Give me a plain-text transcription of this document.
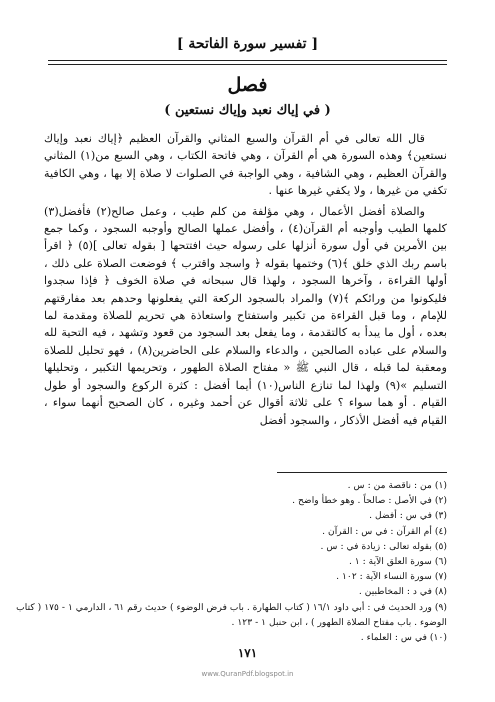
[ تفسير سورة الفاتحة ]
فصل
( في إياك نعبد وإياك نستعين )

قال الله تعالى في أم القرآن والسبع المثاني والقرآن العظيم ﴿إياك نعبد وإياك نستعين﴾ وهذه السورة هي أم القرآن ، وهي فاتحة الكتاب ، وهي السبع من(١) المثاني والقرآن العظيم ، وهي الشافية ، وهي الواجبة في الصلوات لا صلاة إلا بها ، وهي الكافية تكفي من غيرها ، ولا يكفي غيرها عنها .

والصلاة أفضل الأعمال ، وهي مؤلفة من كلم طيب ، وعمل صالح(٢) فأفضل(٣) كلمها الطيب وأوجبه أم القرآن(٤) ، وأفضل عملها الصالح وأوجبه السجود ، وكما جمع بين الأمرين في أول سورة أنزلها على رسوله حيث افتتحها [ بقوله تعالى ](٥) ﴿ اقرأ باسم ربك الذي خلق ﴾(٦) وختمها بقوله ﴿ واسجد واقترب ﴾ فوضعت الصلاة على ذلك ، أولها القراءة ، وآخرها السجود ، ولهذا قال سبحانه في صلاة الخوف ﴿ فإذا سجدوا فليكونوا من ورائكم ﴾(٧) والمراد بالسجود الركعة التي يفعلونها وحدهم بعد مفارقتهم للإمام ، وما قبل القراءة من تكبير واستفتاح واستعاذة هي تحريم للصلاة ومقدمة لما بعده ، أول ما يبدأ به كالتقدمة ، وما يفعل بعد السجود من قعود وتشهد ، فيه التحية لله والسلام على عباده الصالحين ، والدعاء والسلام على الحاضرين(٨) ، فهو تحليل للصلاة ومعقبة لما قبله ، قال النبي ﷺ « مفتاح الصلاة الطهور ، وتحريمها التكبير ، وتحليلها التسليم »(٩) ولهذا لما تنازع الناس(١٠) أيما أفضل : كثرة الركوع والسجود أو طول القيام . أو هما سواء ؟ على ثلاثة أقوال عن أحمد وغيره ، كان الصحيح أنهما سواء ، القيام فيه أفضل الأذكار ، والسجود أفضل

(١) من : ناقصة من : س .
(٢) في الأصل : صالحاً . وهو خطأ واضح .
(٣) في س : أفضل .
(٤) أم القرآن : في س : القرآن .
(٥) بقوله تعالى : زيادة في : س .
(٦) سورة العلق الآية : ١ .
(٧) سورة النساء الآية : ١٠٢ .
(٨) في د : المخاطبين .
(٩) ورد الحديث في : أبي داود ١٦/١ ( كتاب الطهارة . باب فرض الوضوء ) حديث رقم ٦١ ، الدارمي ١ - ١٧٥ ( كتاب
الوضوء . باب مفتاح الصلاة الطهور ) ، ابن حنبل ١ - ١٢٣ .
(١٠) في س : العلماء .
١٧١
www.QuranPdf.blogspot.in
